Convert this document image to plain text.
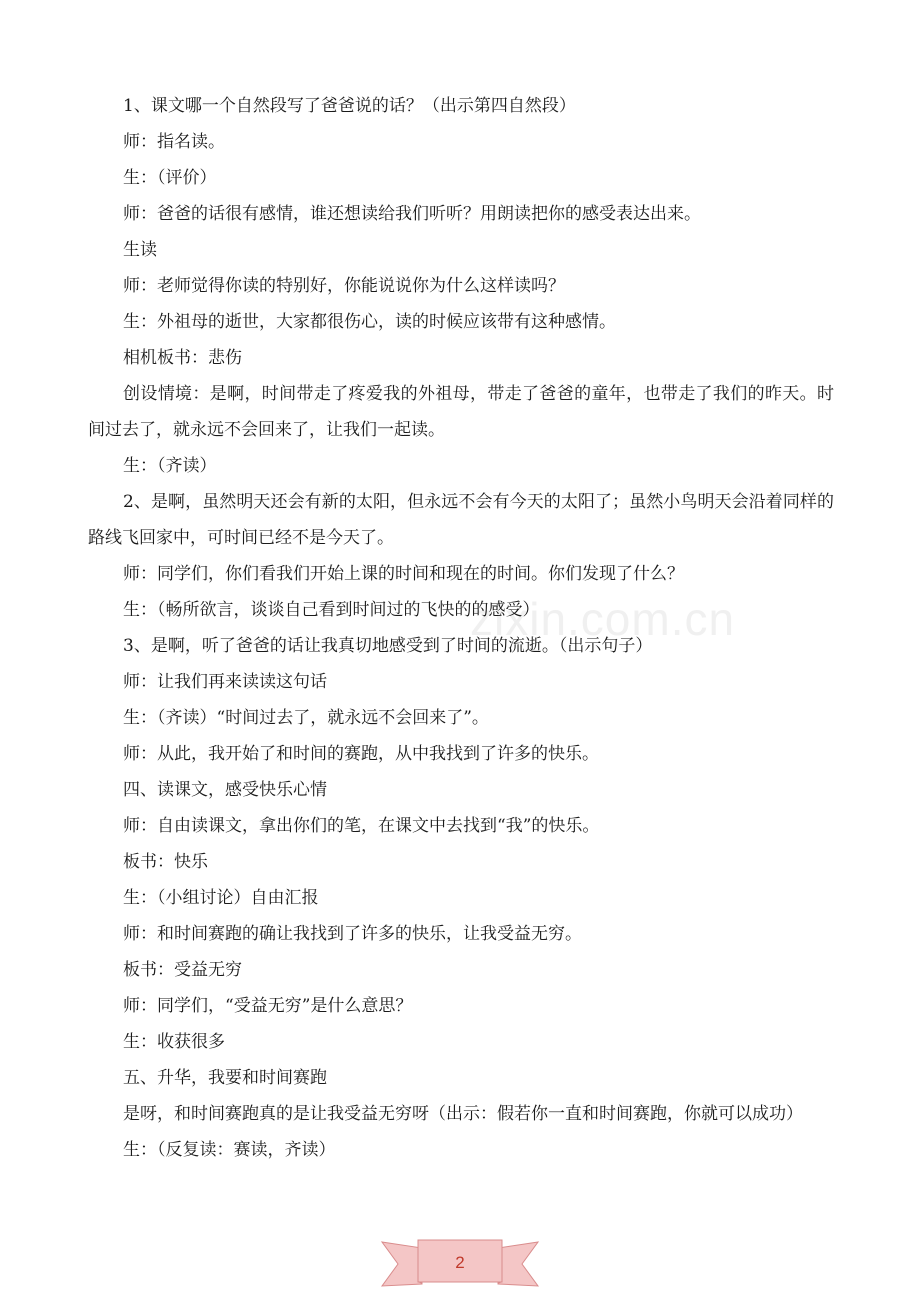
zixin.com.cn

1、课文哪一个自然段写了爸爸说的话？（出示第四自然段）

师：指名读。

生：（评价）

师：爸爸的话很有感情，谁还想读给我们听听？用朗读把你的感受表达出来。

生读

师：老师觉得你读的特别好，你能说说你为什么这样读吗？

生：外祖母的逝世，大家都很伤心，读的时候应该带有这种感情。

相机板书：悲伤

创设情境：是啊，时间带走了疼爱我的外祖母，带走了爸爸的童年，也带走了我们的昨天。时间过去了，就永远不会回来了，让我们一起读。

生：（齐读）

2、是啊，虽然明天还会有新的太阳，但永远不会有今天的太阳了；虽然小鸟明天会沿着同样的路线飞回家中，可时间已经不是今天了。

师：同学们，你们看我们开始上课的时间和现在的时间。你们发现了什么？

生：（畅所欲言，谈谈自己看到时间过的飞快的的感受）

3、是啊，听了爸爸的话让我真切地感受到了时间的流逝。（出示句子）

师：让我们再来读读这句话

生：（齐读）“时间过去了，就永远不会回来了”。

师：从此，我开始了和时间的赛跑，从中我找到了许多的快乐。

四、读课文，感受快乐心情

师：自由读课文，拿出你们的笔，在课文中去找到“我”的快乐。

板书：快乐

生：（小组讨论）自由汇报

师：和时间赛跑的确让我找到了许多的快乐，让我受益无穷。

板书：受益无穷

师：同学们，“受益无穷”是什么意思？

生：收获很多

五、升华，我要和时间赛跑

是呀，和时间赛跑真的是让我受益无穷呀（出示：假若你一直和时间赛跑，你就可以成功）

生：（反复读：赛读，齐读）

2
